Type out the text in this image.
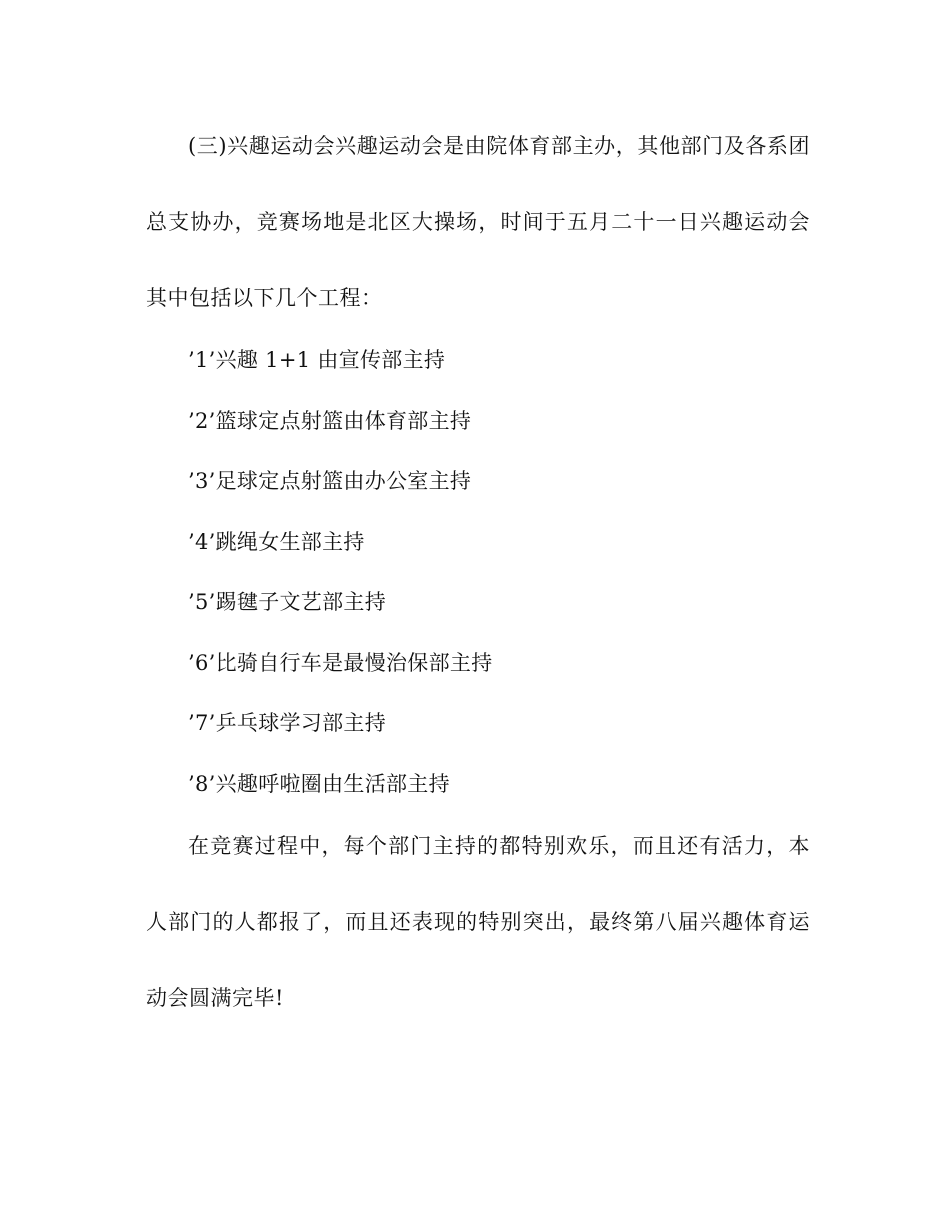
(三)兴趣运动会兴趣运动会是由院体育部主办，其他部门及各系团总支协办，竞赛场地是北区大操场，时间于五月二十一日兴趣运动会其中包括以下几个工程：

’1’兴趣 1+1 由宣传部主持
’2’篮球定点射篮由体育部主持
’3’足球定点射篮由办公室主持
’4’跳绳女生部主持
’5’踢毽子文艺部主持
’6’比骑自行车是最慢治保部主持
’7’乒乓球学习部主持
’8’兴趣呼啦圈由生活部主持

在竞赛过程中，每个部门主持的都特别欢乐，而且还有活力，本人部门的人都报了，而且还表现的特别突出，最终第八届兴趣体育运动会圆满完毕!
